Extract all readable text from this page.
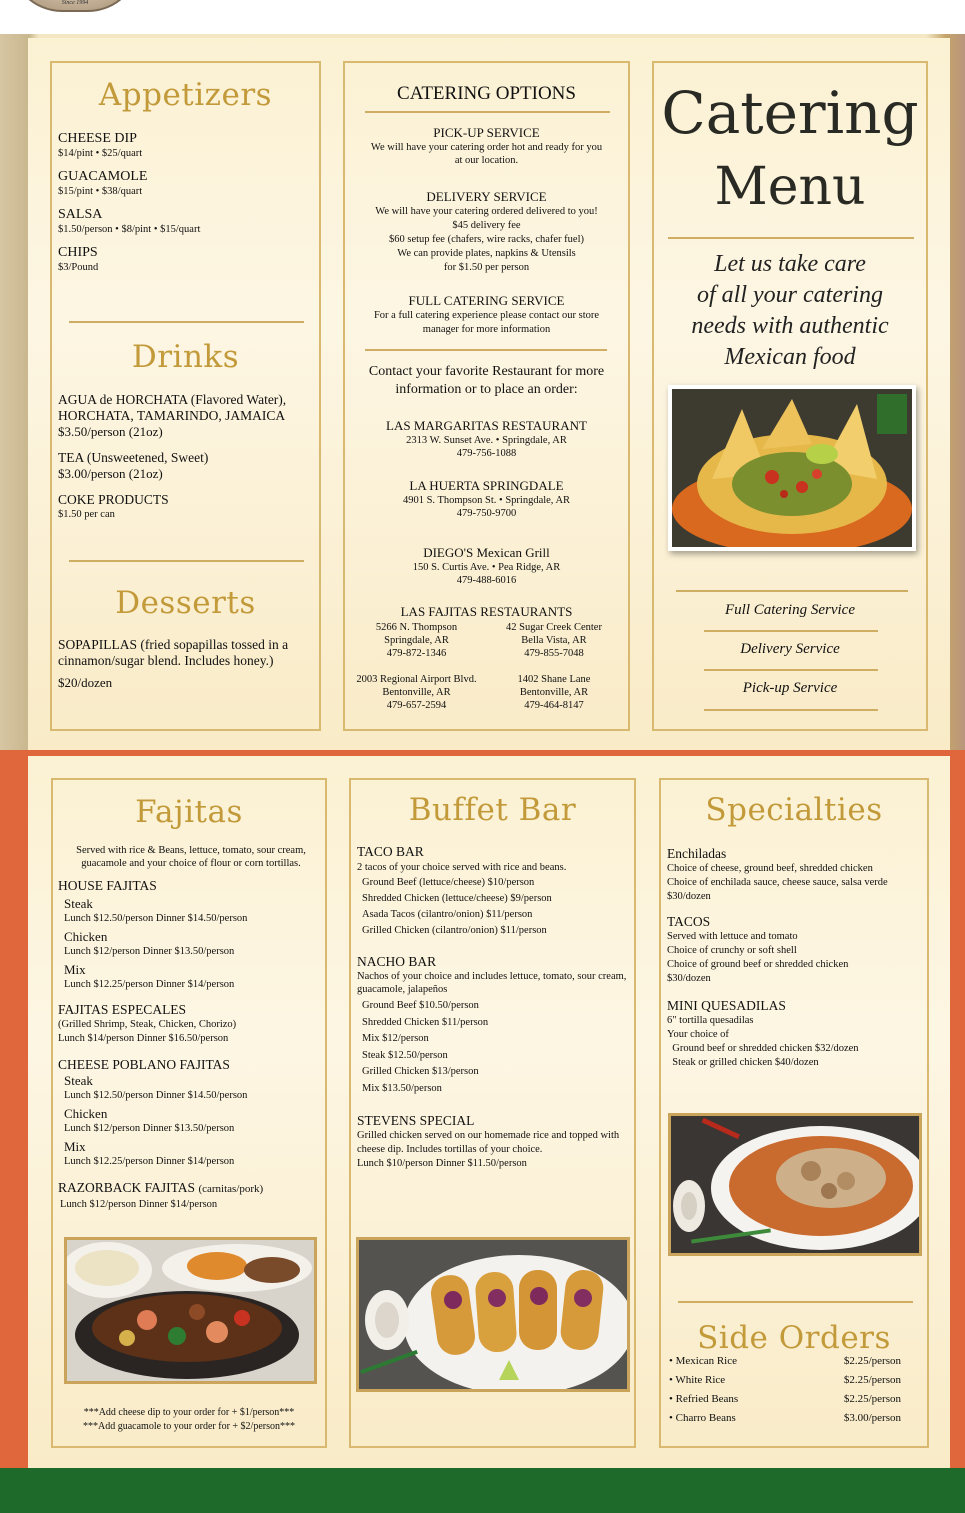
Since 1994
Appetizers
CHEESE DIP
$14/pint • $25/quart
GUACAMOLE
$15/pint • $38/quart
SALSA
$1.50/person • $8/pint • $15/quart
CHIPS
$3/Pound
Drinks
AGUA de HORCHATA (Flavored Water),
HORCHATA, TAMARINDO, JAMAICA
$3.50/person (21oz)
TEA (Unsweetened, Sweet)
$3.00/person (21oz)
COKE PRODUCTS
$1.50 per can
Desserts
SOPAPILLAS (fried sopapillas tossed in a cinnamon/sugar blend. Includes honey.)
$20/dozen
CATERING OPTIONS
PICK-UP SERVICE
We will have your catering order hot and ready for you at our location.
DELIVERY SERVICE
We will have your catering ordered delivered to you!
$45 delivery fee
$60 setup fee (chafers, wire racks, chafer fuel)
We can provide plates, napkins & Utensils
for $1.50 per person
FULL CATERING SERVICE
For a full catering experience please contact our store manager for more information
Contact your favorite Restaurant for more information or to place an order:
LAS MARGARITAS RESTAURANT
2313 W. Sunset Ave. • Springdale, AR
479-756-1088
LA HUERTA SPRINGDALE
4901 S. Thompson St. • Springdale, AR
479-750-9700
DIEGO'S Mexican Grill
150 S. Curtis Ave. • Pea Ridge, AR
479-488-6016
LAS FAJITAS RESTAURANTS
5266 N. Thompson
Springdale, AR
479-872-1346
42 Sugar Creek Center
Bella Vista, AR
479-855-7048
2003 Regional Airport Blvd.
Bentonville, AR
479-657-2594
1402 Shane Lane
Bentonville, AR
479-464-8147
Catering
Menu
Let us take care
of all your catering
needs with authentic
Mexican food
Full Catering Service
Delivery Service
Pick-up Service
Fajitas
Served with rice & Beans, lettuce, tomato, sour cream, guacamole and your choice of flour or corn tortillas.
HOUSE FAJITAS
Steak
Lunch $12.50/person Dinner $14.50/person
Chicken
Lunch $12/person Dinner $13.50/person
Mix
Lunch $12.25/person Dinner $14/person
FAJITAS ESPECALES
(Grilled Shrimp, Steak, Chicken, Chorizo)
Lunch $14/person Dinner $16.50/person
CHEESE POBLANO FAJITAS
Steak
Lunch $12.50/person Dinner $14.50/person
Chicken
Lunch $12/person Dinner $13.50/person
Mix
Lunch $12.25/person Dinner $14/person
RAZORBACK FAJITAS (carnitas/pork)
Lunch $12/person Dinner $14/person
***Add cheese dip to your order for + $1/person***
***Add guacamole to your order for + $2/person***
Buffet Bar
TACO BAR
2 tacos of your choice served with rice and beans.
Ground Beef (lettuce/cheese) $10/person
Shredded Chicken (lettuce/cheese) $9/person
Asada Tacos (cilantro/onion) $11/person
Grilled Chicken (cilantro/onion) $11/person
NACHO BAR
Nachos of your choice and includes lettuce, tomato, sour cream, guacamole, jalapeños
Ground Beef $10.50/person
Shredded Chicken $11/person
Mix $12/person
Steak $12.50/person
Grilled Chicken $13/person
Mix $13.50/person
STEVENS SPECIAL
Grilled chicken served on our homemade rice and topped with cheese dip. Includes tortillas of your choice.
Lunch $10/person Dinner $11.50/person
Specialties
Enchiladas
Choice of cheese, ground beef, shredded chicken
Choice of enchilada sauce, cheese sauce, salsa verde
$30/dozen
TACOS
Served with lettuce and tomato
Choice of crunchy or soft shell
Choice of ground beef or shredded chicken
$30/dozen
MINI QUESADILAS
6" tortilla quesadilas
Your choice of
Ground beef or shredded chicken $32/dozen
Steak or grilled chicken $40/dozen
Side Orders
• Mexican Rice	$2.25/person
• White Rice	$2.25/person
• Refried Beans	$2.25/person
• Charro Beans	$3.00/person
